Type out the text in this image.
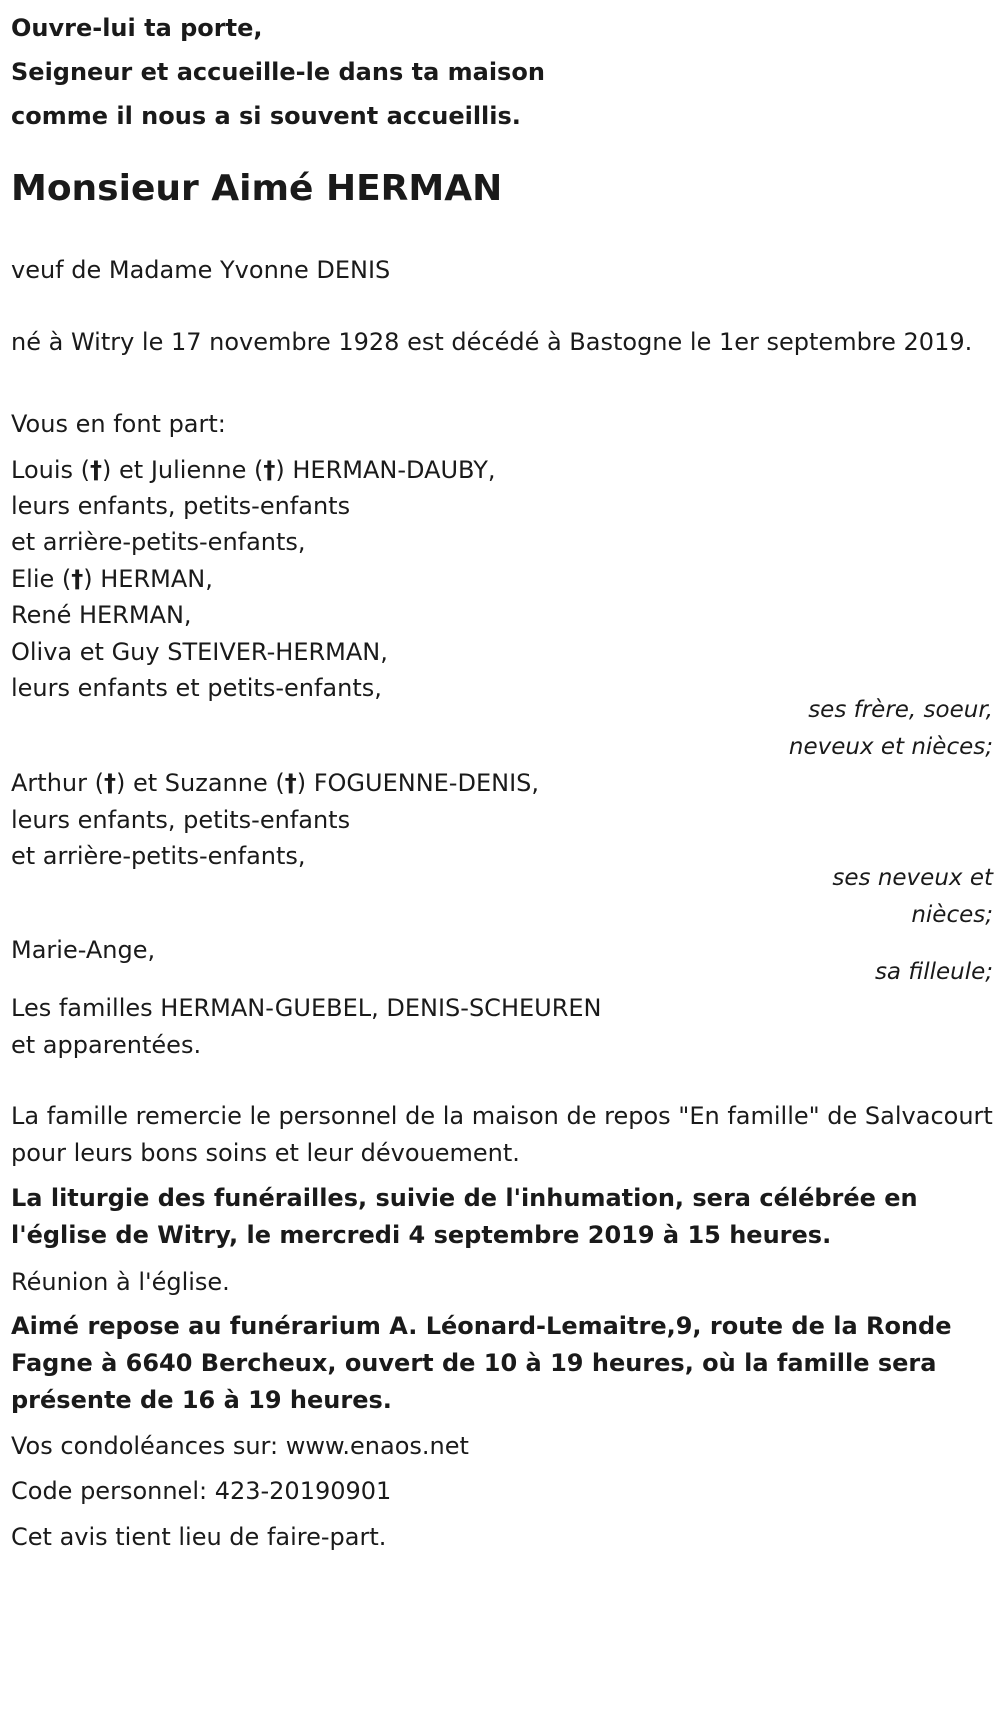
Ouvre-lui ta porte,
Seigneur et accueille-le dans ta maison
comme il nous a si souvent accueillis.
Monsieur Aimé HERMAN
veuf de Madame Yvonne DENIS
né à Witry le 17 novembre 1928 est décédé à Bastogne le 1er septembre 2019.
Vous en font part:
Louis (†) et Julienne (†) HERMAN-DAUBY,
leurs enfants, petits-enfants
et arrière-petits-enfants,
Elie (†) HERMAN,
René HERMAN,
Oliva et Guy STEIVER-HERMAN,
leurs enfants et petits-enfants,
ses frère, soeur,
neveux et nièces;
Arthur (†) et Suzanne (†) FOGUENNE-DENIS,
leurs enfants, petits-enfants
et arrière-petits-enfants,
ses neveux et
nièces;
Marie-Ange,
sa filleule;
Les familles HERMAN-GUEBEL, DENIS-SCHEUREN
et apparentées.
La famille remercie le personnel de la maison de repos "En famille" de Salvacourt pour leurs bons soins et leur dévouement.
La liturgie des funérailles, suivie de l'inhumation, sera célébrée en l'église de Witry, le mercredi 4 septembre 2019 à 15 heures.
Réunion à l'église.
Aimé repose au funérarium A. Léonard-Lemaitre,9, route de la Ronde Fagne à 6640 Bercheux, ouvert de 10 à 19 heures, où la famille sera présente de 16 à 19 heures.
Vos condoléances sur: www.enaos.net
Code personnel: 423-20190901
Cet avis tient lieu de faire-part.
